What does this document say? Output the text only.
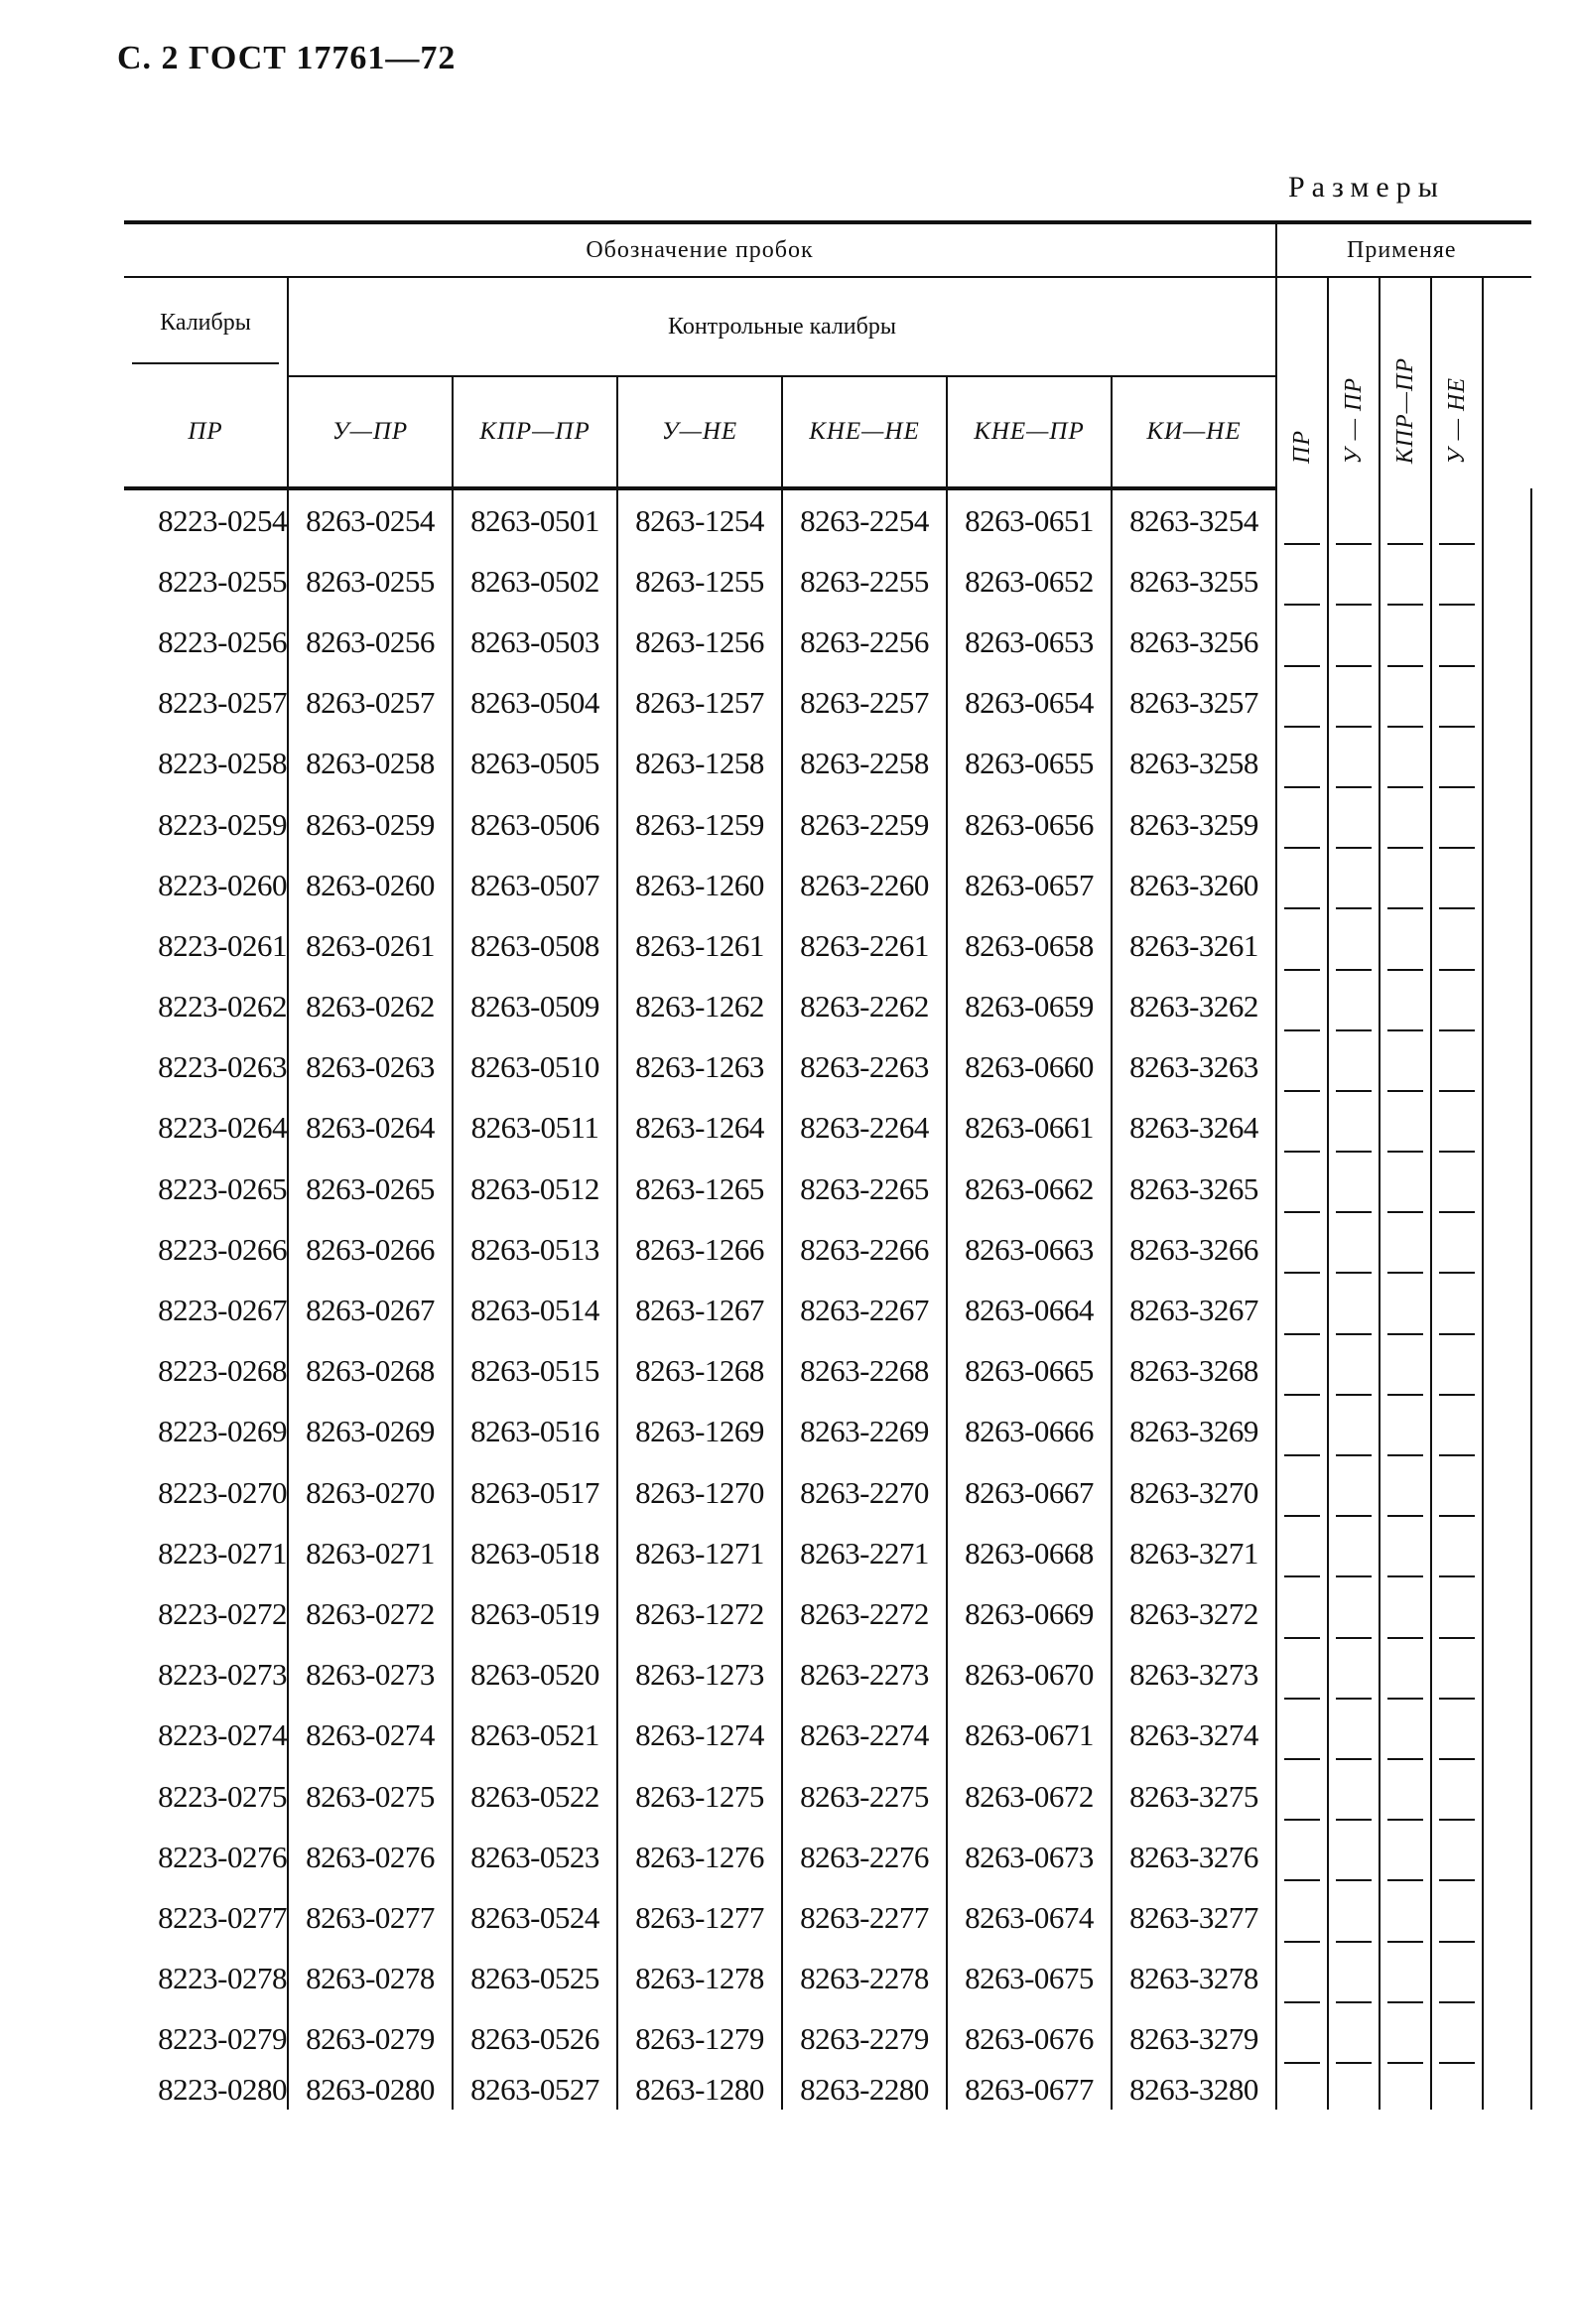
С. 2 ГОСТ 17761—72
Размеры
Обозначение пробок							Применяе				
Калибры	Контрольные калибры						ПР	У — ПР	КПР—ПР	У — НЕ	
ПР	У—ПР	КПР—ПР	У—НЕ	КНЕ—НЕ	КНЕ—ПР	КИ—НЕ					
8223-0254	8263-0254	8263-0501	8263-1254	8263-2254	8263-0651	8263-3254	

8223-0255	8263-0255	8263-0502	8263-1255	8263-2255	8263-0652	8263-3255	

8223-0256	8263-0256	8263-0503	8263-1256	8263-2256	8263-0653	8263-3256	

8223-0257	8263-0257	8263-0504	8263-1257	8263-2257	8263-0654	8263-3257	

8223-0258	8263-0258	8263-0505	8263-1258	8263-2258	8263-0655	8263-3258	

8223-0259	8263-0259	8263-0506	8263-1259	8263-2259	8263-0656	8263-3259	

8223-0260	8263-0260	8263-0507	8263-1260	8263-2260	8263-0657	8263-3260	

8223-0261	8263-0261	8263-0508	8263-1261	8263-2261	8263-0658	8263-3261	

8223-0262	8263-0262	8263-0509	8263-1262	8263-2262	8263-0659	8263-3262	

8223-0263	8263-0263	8263-0510	8263-1263	8263-2263	8263-0660	8263-3263	

8223-0264	8263-0264	8263-0511	8263-1264	8263-2264	8263-0661	8263-3264	

8223-0265	8263-0265	8263-0512	8263-1265	8263-2265	8263-0662	8263-3265	

8223-0266	8263-0266	8263-0513	8263-1266	8263-2266	8263-0663	8263-3266	

8223-0267	8263-0267	8263-0514	8263-1267	8263-2267	8263-0664	8263-3267	

8223-0268	8263-0268	8263-0515	8263-1268	8263-2268	8263-0665	8263-3268	

8223-0269	8263-0269	8263-0516	8263-1269	8263-2269	8263-0666	8263-3269	

8223-0270	8263-0270	8263-0517	8263-1270	8263-2270	8263-0667	8263-3270	

8223-0271	8263-0271	8263-0518	8263-1271	8263-2271	8263-0668	8263-3271	

8223-0272	8263-0272	8263-0519	8263-1272	8263-2272	8263-0669	8263-3272	

8223-0273	8263-0273	8263-0520	8263-1273	8263-2273	8263-0670	8263-3273	

8223-0274	8263-0274	8263-0521	8263-1274	8263-2274	8263-0671	8263-3274	

8223-0275	8263-0275	8263-0522	8263-1275	8263-2275	8263-0672	8263-3275	

8223-0276	8263-0276	8263-0523	8263-1276	8263-2276	8263-0673	8263-3276	

8223-0277	8263-0277	8263-0524	8263-1277	8263-2277	8263-0674	8263-3277	

8223-0278	8263-0278	8263-0525	8263-1278	8263-2278	8263-0675	8263-3278	

8223-0279	8263-0279	8263-0526	8263-1279	8263-2279	8263-0676	8263-3279	

8223-0280	8263-0280	8263-0527	8263-1280	8263-2280	8263-0677	8263-3280					
